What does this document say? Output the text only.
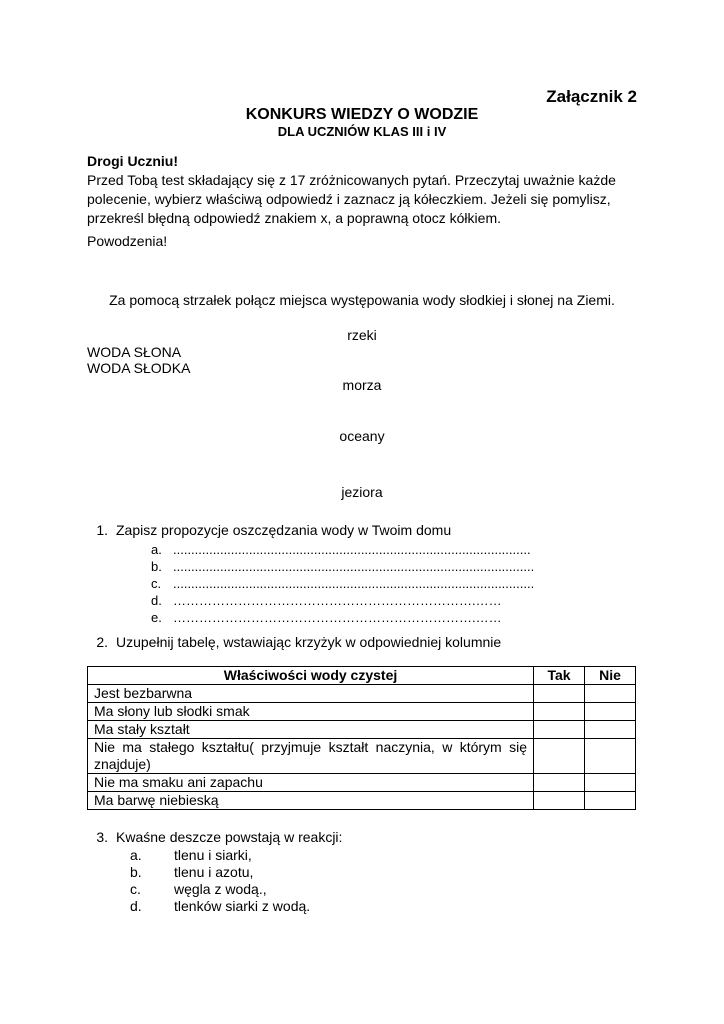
Załącznik 2
KONKURS WIEDZY O WODZIE
DLA UCZNIÓW KLAS III i IV

Drogi Uczniu!

Przed Tobą test składający się z 17 zróżnicowanych pytań. Przeczytaj uważnie każde polecenie, wybierz właściwą odpowiedź i zaznacz ją kółeczkiem. Jeżeli się pomylisz, przekreśl błędną odpowiedź znakiem x, a poprawną otocz kółkiem.

Powodzenia!
Za pomocą strzałek połącz miejsca występowania wody słodkiej i słonej na Ziemi.
rzeki
WODA SŁONA
WODA SŁODKA
morza
oceany
jeziora
1. Zapisz propozycje oszczędzania wody w Twoim domu
a. ...................................................................................................
b. ....................................................................................................
c. ....................................................................................................
d. …………………………………………………………….……
e. …………………………………………………………….……
2. Uzupełnij tabelę, wstawiając krzyżyk w odpowiedniej kolumnie
Właściwości wody czystej	Tak	Nie
Jest bezbarwna		
Ma słony lub słodki smak		
Ma stały kształt		
Nie ma stałego kształtu( przyjmuje kształt naczynia, w którym się znajduje)		
Nie ma smaku ani zapachu		
Ma barwę niebieską		
3. Kwaśne deszcze powstają w reakcji:
a. tlenu i siarki,
b. tlenu i azotu,
c. węgla z wodą.,
d. tlenków siarki z wodą.
